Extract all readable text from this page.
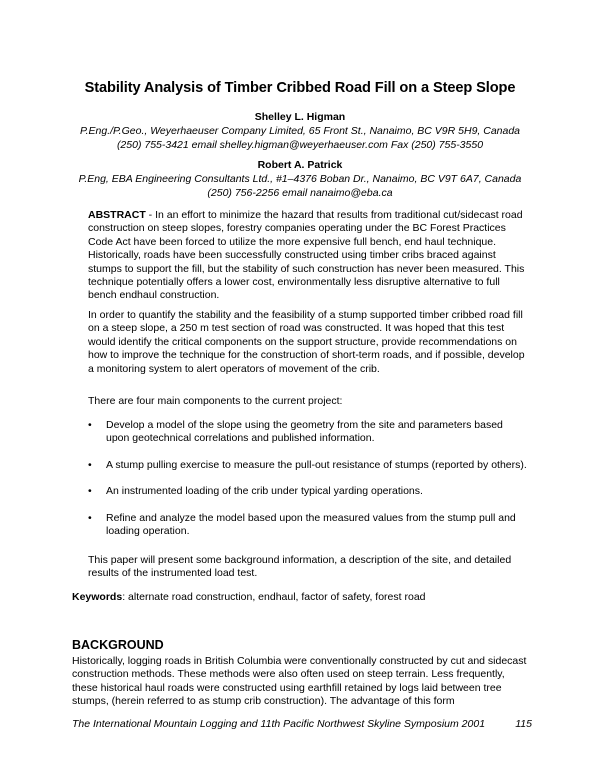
Stability Analysis of Timber Cribbed Road Fill on a Steep Slope
Shelley L. Higman
P.Eng./P.Geo., Weyerhaeuser Company Limited, 65 Front St., Nanaimo, BC V9R 5H9, Canada
(250) 755-3421 email shelley.higman@weyerhaeuser.com Fax (250) 755-3550
Robert A. Patrick
P.Eng, EBA Engineering Consultants Ltd., #1–4376 Boban Dr., Nanaimo, BC V9T 6A7, Canada
(250) 756-2256 email nanaimo@eba.ca

ABSTRACT - In an effort to minimize the hazard that results from traditional cut/sidecast road construction on steep slopes, forestry companies operating under the BC Forest Practices Code Act have been forced to utilize the more expensive full bench, end haul technique. Historically, roads have been successfully constructed using timber cribs braced against stumps to support the fill, but the stability of such construction has never been measured. This technique potentially offers a lower cost, environmentally less disruptive alternative to full bench endhaul construction.

In order to quantify the stability and the feasibility of a stump supported timber cribbed road fill on a steep slope, a 250 m test section of road was constructed. It was hoped that this test would identify the critical components on the support structure, provide recommendations on how to improve the technique for the construction of short-term roads, and if possible, develop a monitoring system to alert operators of movement of the crib.
There are four main components to the current project:
• Develop a model of the slope using the geometry from the site and parameters based upon geotechnical correlations and published information.
• A stump pulling exercise to measure the pull-out resistance of stumps (reported by others).
• An instrumented loading of the crib under typical yarding operations.
• Refine and analyze the model based upon the measured values from the stump pull and loading operation.
This paper will present some background information, a description of the site, and detailed results of the instrumented load test.
Keywords: alternate road construction, endhaul, factor of safety, forest road
BACKGROUND
Historically, logging roads in British Columbia were conventionally constructed by cut and sidecast construction methods. These methods were also often used on steep terrain. Less frequently, these historical haul roads were constructed using earthfill retained by logs laid between tree stumps, (herein referred to as stump crib construction). The advantage of this form
The International Mountain Logging and 11th Pacific Northwest Skyline Symposium 2001	115
